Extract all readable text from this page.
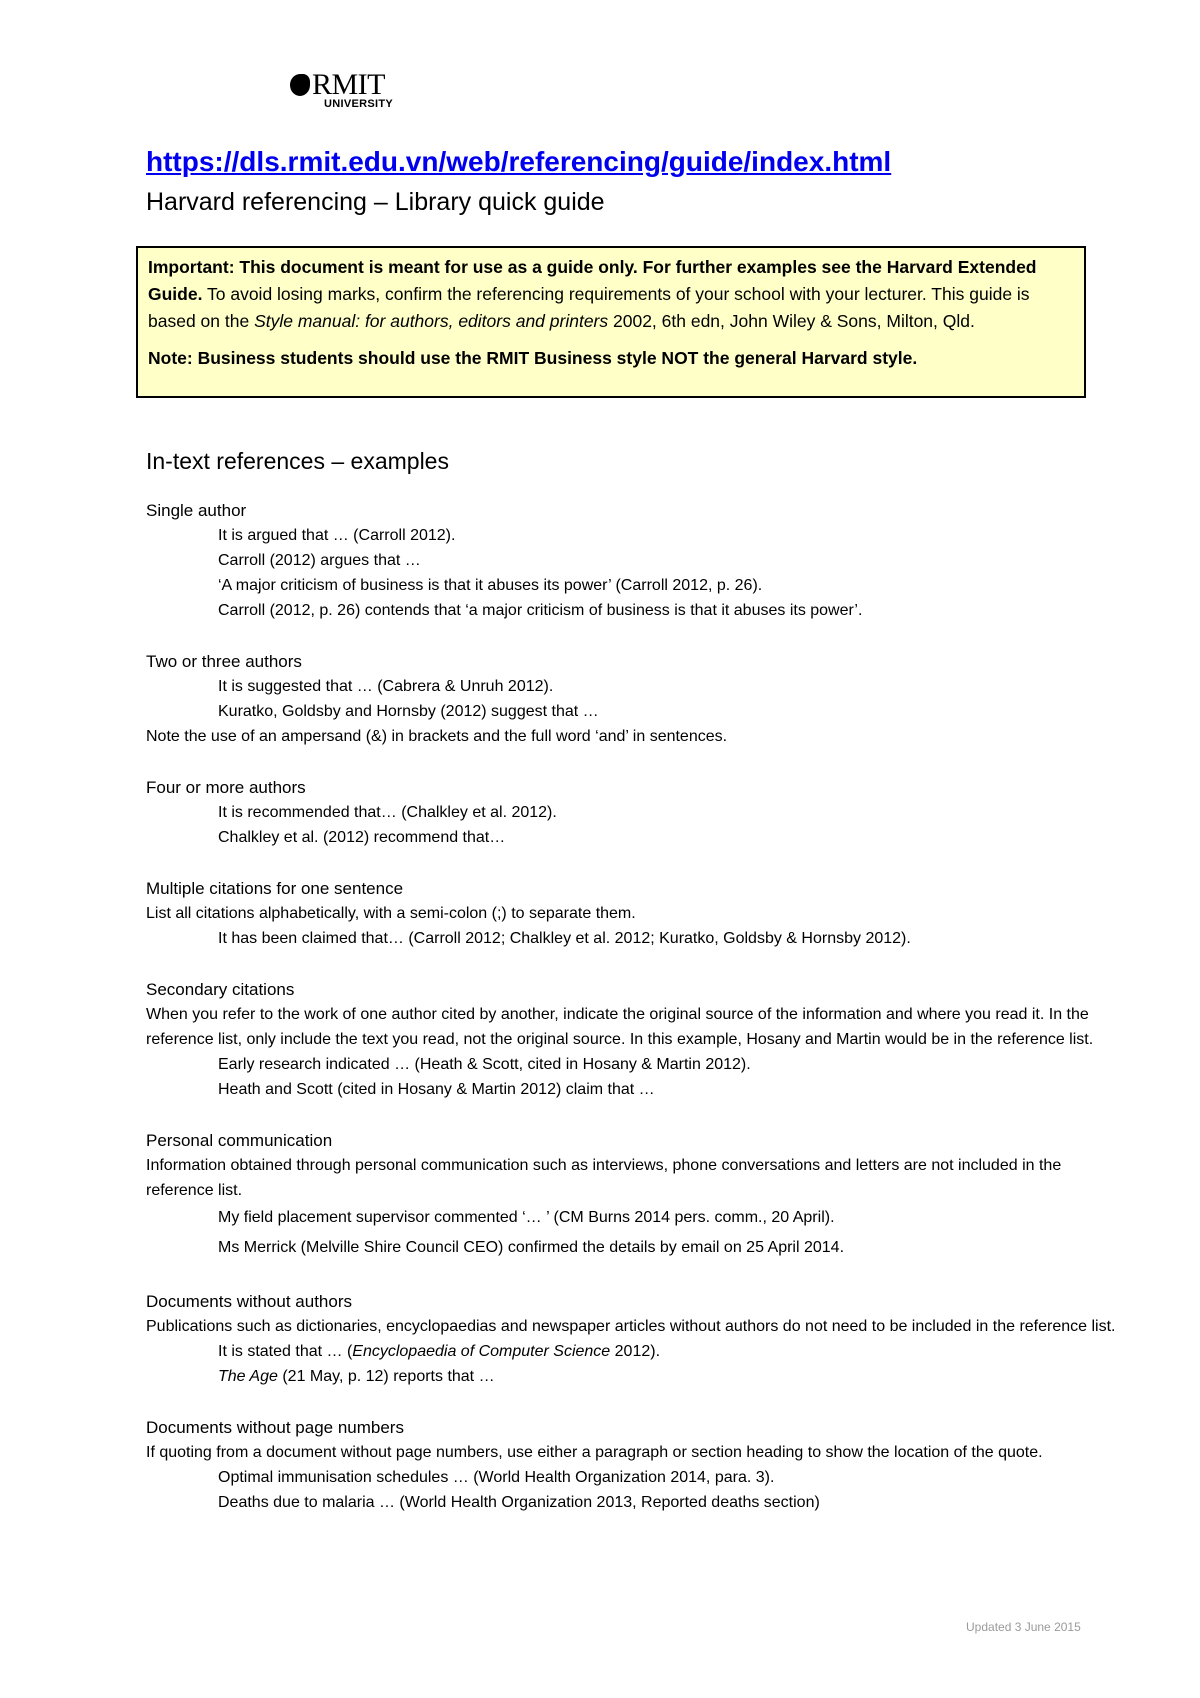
RMIT
UNIVERSITY
https://dls.rmit.edu.vn/web/referencing/guide/index.html
Harvard referencing – Library quick guide

Important: This document is meant for use as a guide only. For further examples see the Harvard Extended Guide. To avoid losing marks, confirm the referencing requirements of your school with your lecturer. This guide is based on the Style manual: for authors, editors and printers 2002, 6th edn, John Wiley & Sons, Milton, Qld.

Note: Business students should use the RMIT Business style NOT the general Harvard style.

In-text references – examples
Single author
It is argued that … (Carroll 2012).
Carroll (2012) argues that …
‘A major criticism of business is that it abuses its power’ (Carroll 2012, p. 26).
Carroll (2012, p. 26) contends that ‘a major criticism of business is that it abuses its power’.
Two or three authors
It is suggested that … (Cabrera & Unruh 2012).
Kuratko, Goldsby and Hornsby (2012) suggest that …
Note the use of an ampersand (&) in brackets and the full word ‘and’ in sentences.
Four or more authors
It is recommended that… (Chalkley et al. 2012).
Chalkley et al. (2012) recommend that…
Multiple citations for one sentence
List all citations alphabetically, with a semi-colon (;) to separate them.
It has been claimed that… (Carroll 2012; Chalkley et al. 2012; Kuratko, Goldsby & Hornsby 2012).
Secondary citations
When you refer to the work of one author cited by another, indicate the original source of the information and where you read it. In the reference list, only include the text you read, not the original source. In this example, Hosany and Martin would be in the reference list.
Early research indicated … (Heath & Scott, cited in Hosany & Martin 2012).
Heath and Scott (cited in Hosany & Martin 2012) claim that …
Personal communication
Information obtained through personal communication such as interviews, phone conversations and letters are not included in the reference list.
My field placement supervisor commented ‘… ’ (CM Burns 2014 pers. comm., 20 April).
Ms Merrick (Melville Shire Council CEO) confirmed the details by email on 25 April 2014.
Documents without authors
Publications such as dictionaries, encyclopaedias and newspaper articles without authors do not need to be included in the reference list.
It is stated that … (Encyclopaedia of Computer Science 2012).
The Age (21 May, p. 12) reports that …
Documents without page numbers
If quoting from a document without page numbers, use either a paragraph or section heading to show the location of the quote.
Optimal immunisation schedules … (World Health Organization 2014, para. 3).
Deaths due to malaria … (World Health Organization 2013, Reported deaths section)
Updated 3 June 2015
